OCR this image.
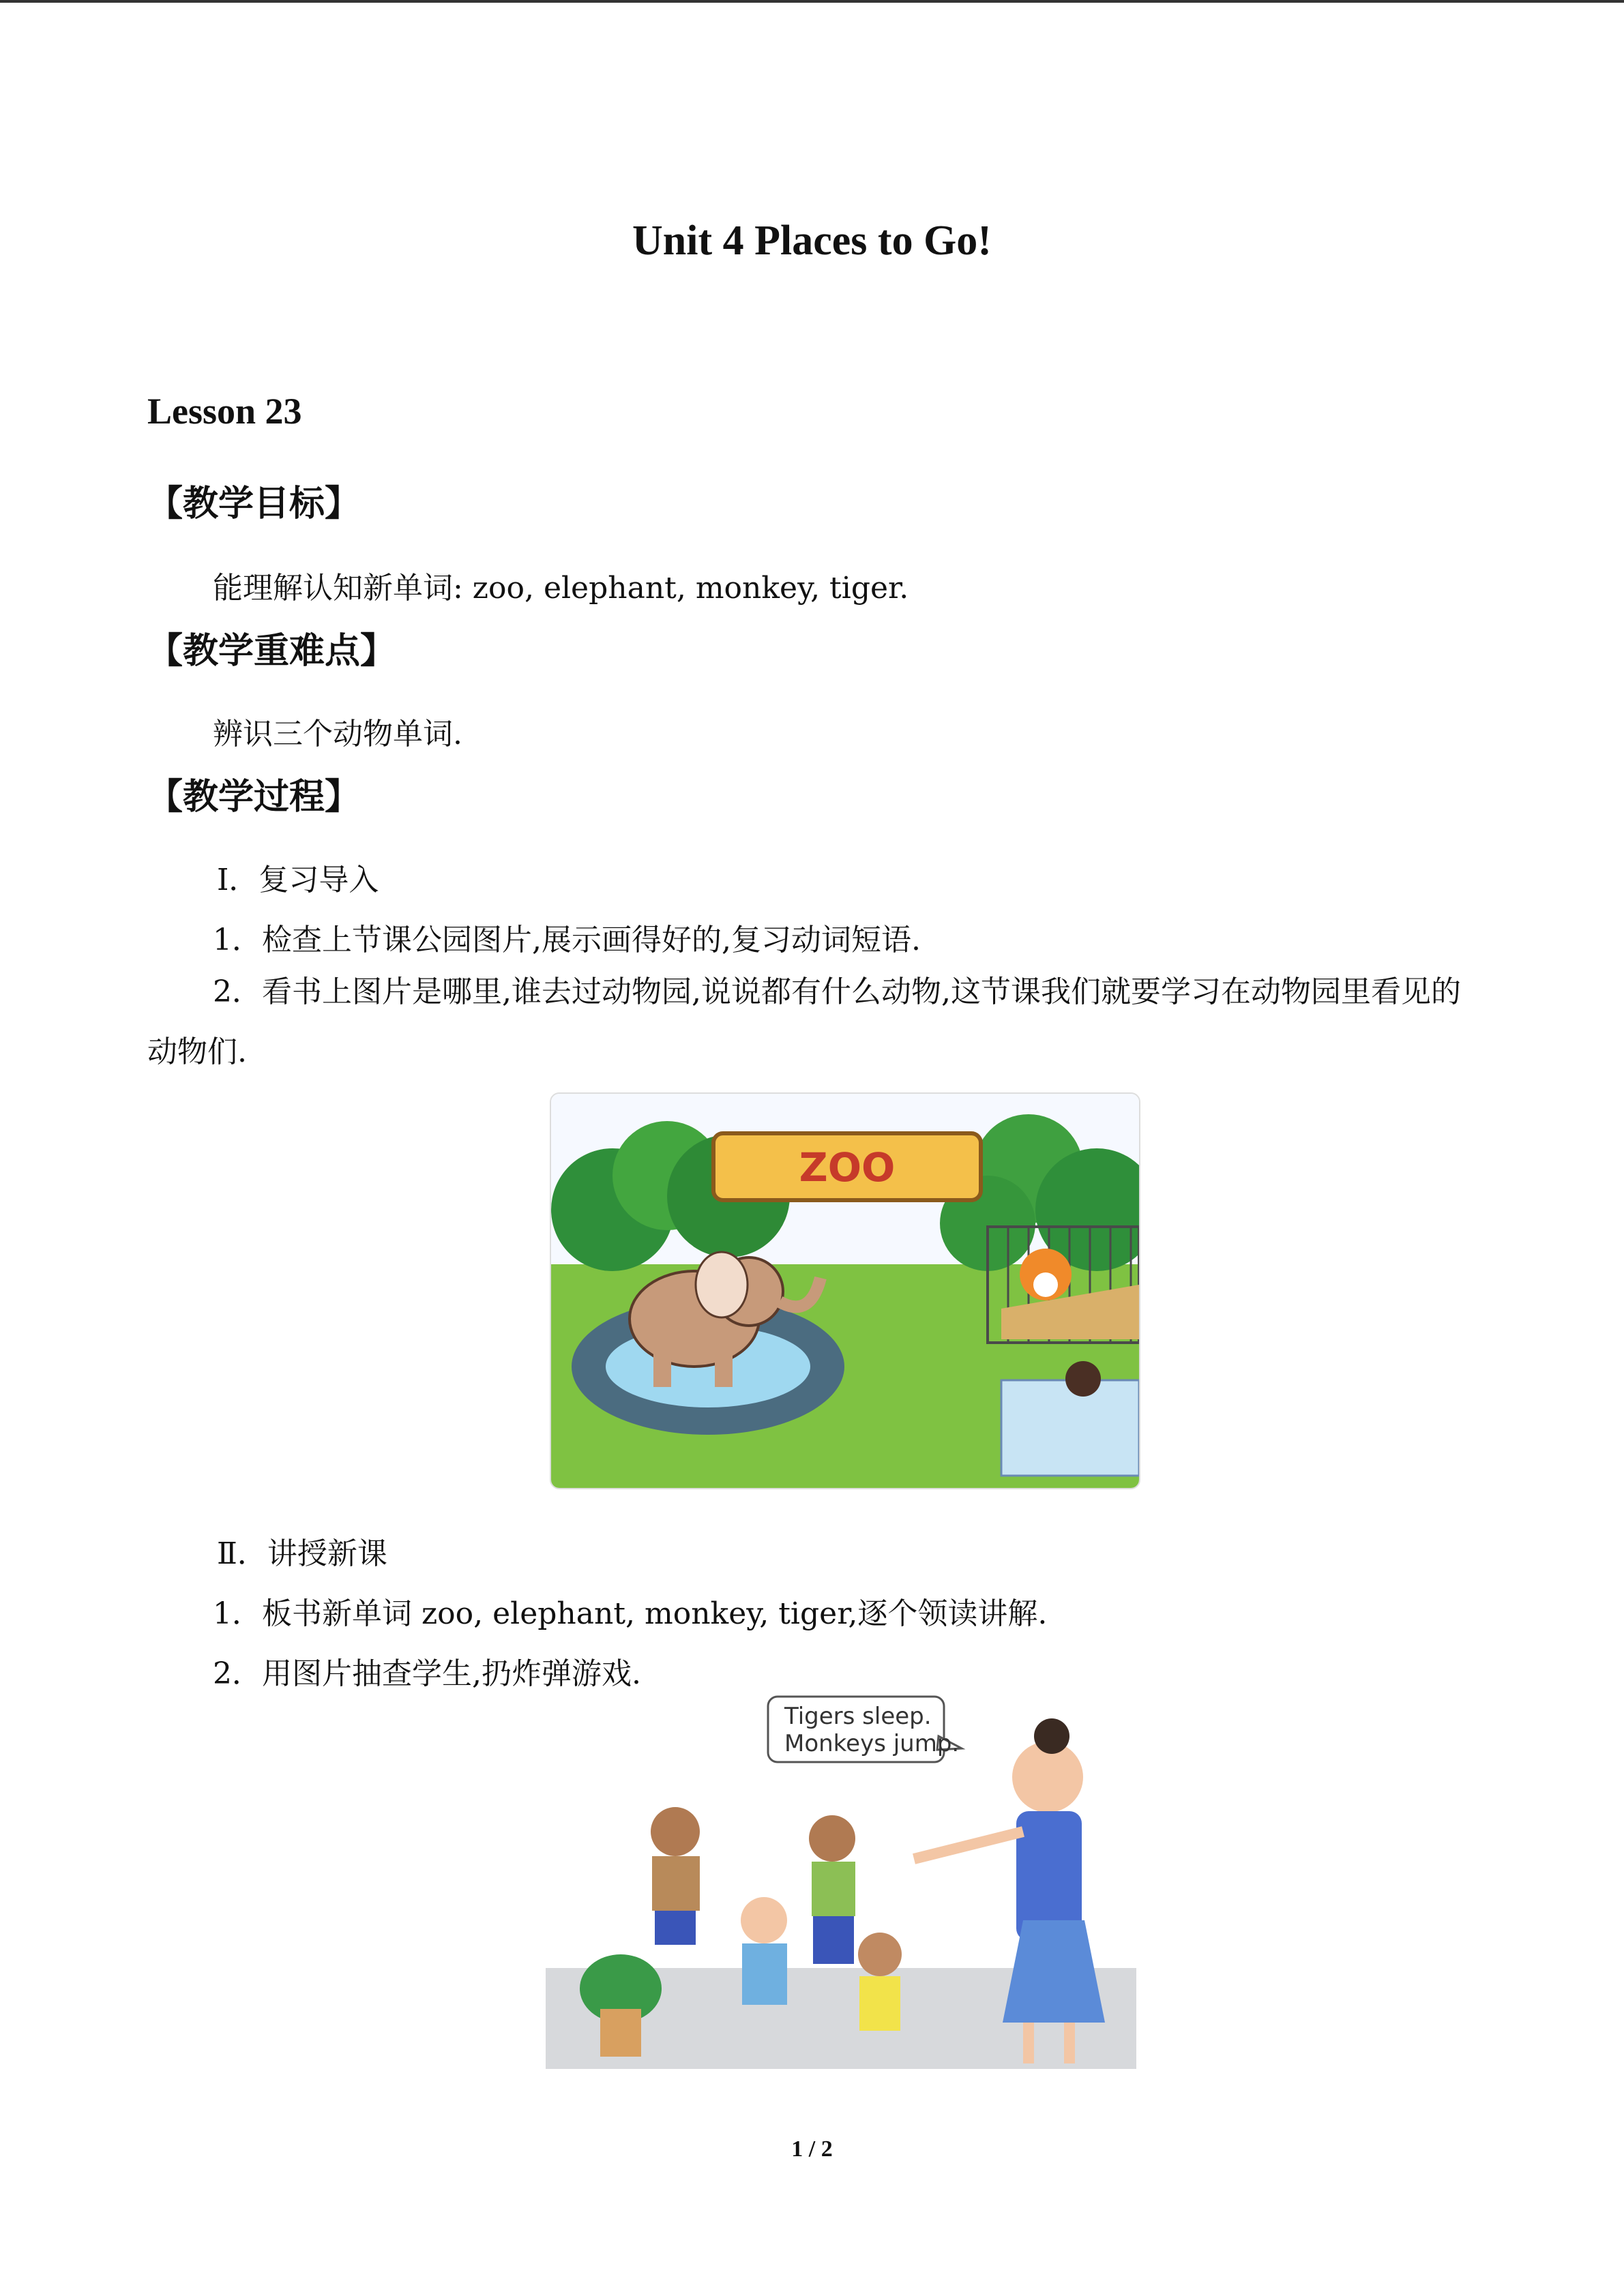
Unit 4 Places to Go!
Lesson 23
【教学目标】
能理解认知新单词: zoo, elephant, monkey, tiger.
【教学重难点】
辨识三个动物单词.
【教学过程】
Ⅰ．复习导入
1．检查上节课公园图片,展示画得好的,复习动词短语.
2．看书上图片是哪里,谁去过动物园,说说都有什么动物,这节课我们就要学习在动物园里看见的动物们.
ZOO
Ⅱ．讲授新课
1．板书新单词 zoo, elephant, monkey, tiger,逐个领读讲解.
2．用图片抽查学生,扔炸弹游戏.
Tigers sleep.
Monkeys jump.
1 / 2
